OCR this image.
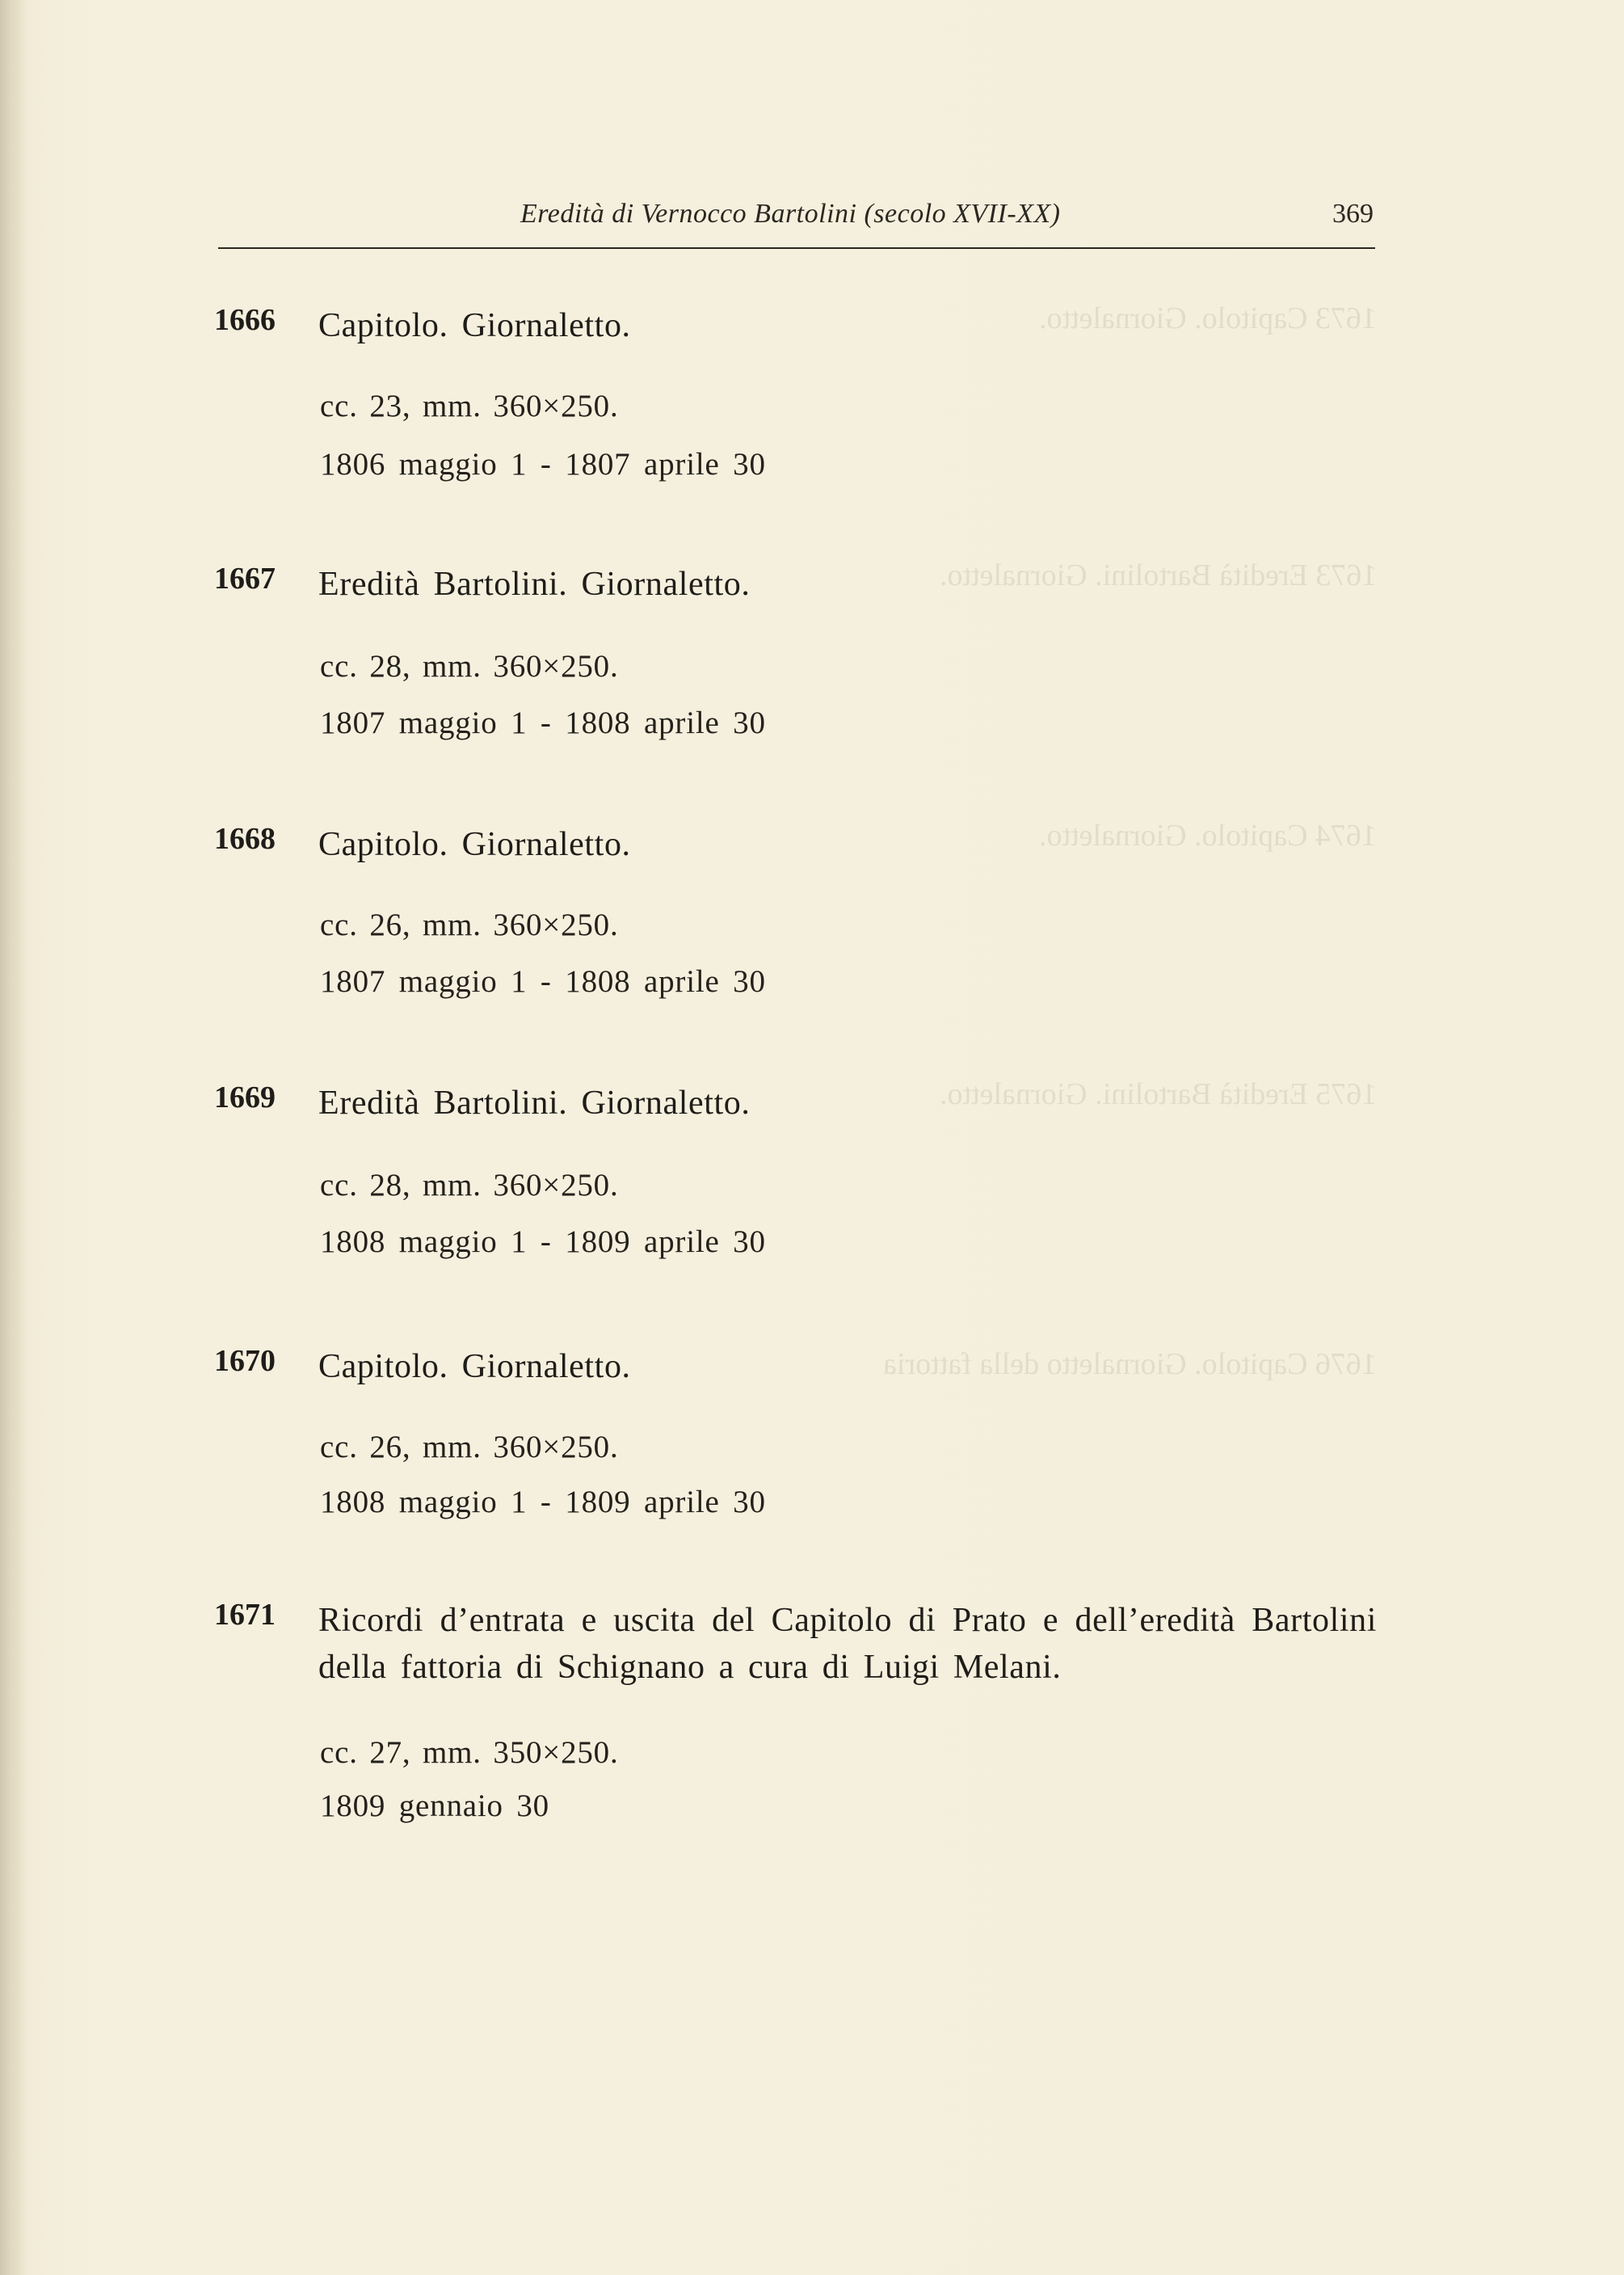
1673 Capitolo. Giornaletto.
1673 Eredità Bartolini. Giornaletto.
1674 Capitolo. Giornaletto.
1675 Eredità Bartolini. Giornaletto.
1676 Capitolo. Giornaletto della fattoria
Eredità di Vernocco Bartolini (secolo XVII-XX)	369
1666 Capitolo. Giornaletto.
cc. 23, mm. 360×250.
1806 maggio 1 - 1807 aprile 30
1667 Eredità Bartolini. Giornaletto.
cc. 28, mm. 360×250.
1807 maggio 1 - 1808 aprile 30
1668 Capitolo. Giornaletto.
cc. 26, mm. 360×250.
1807 maggio 1 - 1808 aprile 30
1669 Eredità Bartolini. Giornaletto.
cc. 28, mm. 360×250.
1808 maggio 1 - 1809 aprile 30
1670 Capitolo. Giornaletto.
cc. 26, mm. 360×250.
1808 maggio 1 - 1809 aprile 30
1671 Ricordi d’entrata e uscita del Capitolo di Prato e dell’eredità Bartolini della fattoria di Schignano a cura di Luigi Melani.
cc. 27, mm. 350×250.
1809 gennaio 30
